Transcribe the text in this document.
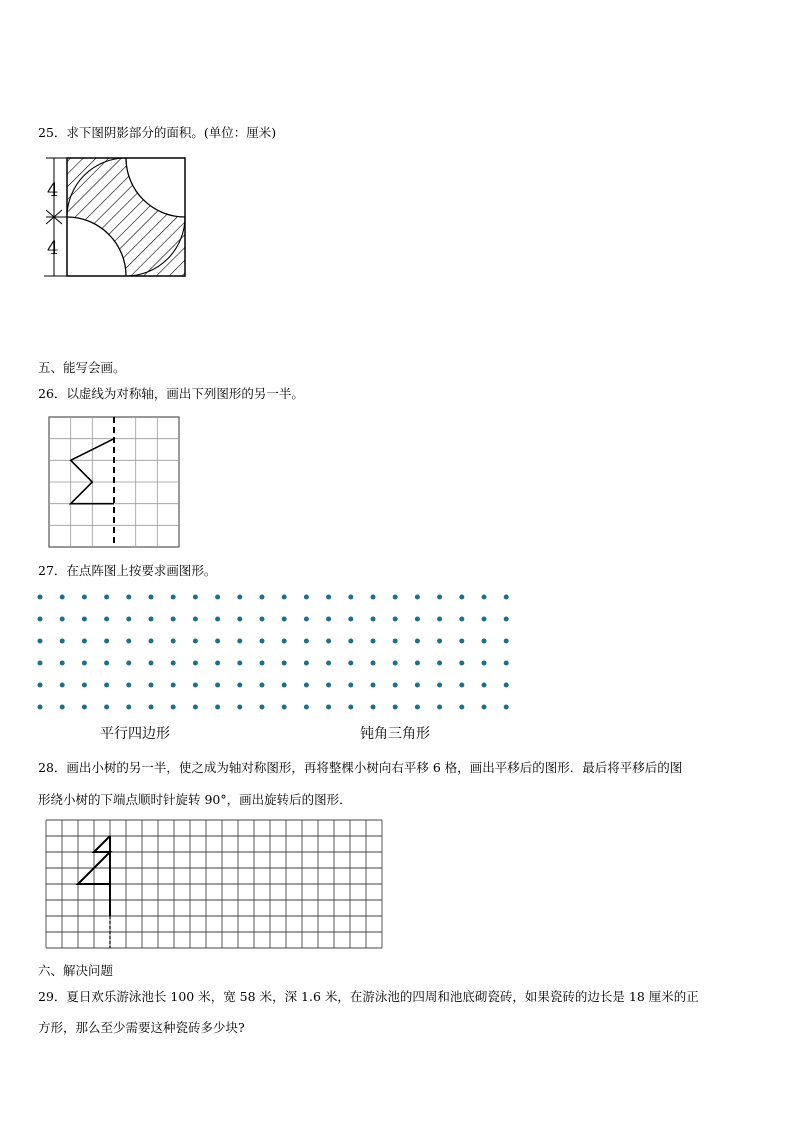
25．求下图阴影部分的面积。(单位：厘米)
4
4
五、能写会画。
26．以虚线为对称轴，画出下列图形的另一半。
27．在点阵图上按要求画图形。
平行四边形	钝角三角形
28．画出小树的另一半，使之成为轴对称图形，再将整棵小树向右平移 6 格，画出平移后的图形．最后将平移后的图
形绕小树的下端点顺时针旋转 90°，画出旋转后的图形．
六、解决问题
29．夏日欢乐游泳池长 100 米，宽 58 米，深 1.6 米，在游泳池的四周和池底砌瓷砖，如果瓷砖的边长是 18 厘米的正
方形，那么至少需要这种瓷砖多少块?
